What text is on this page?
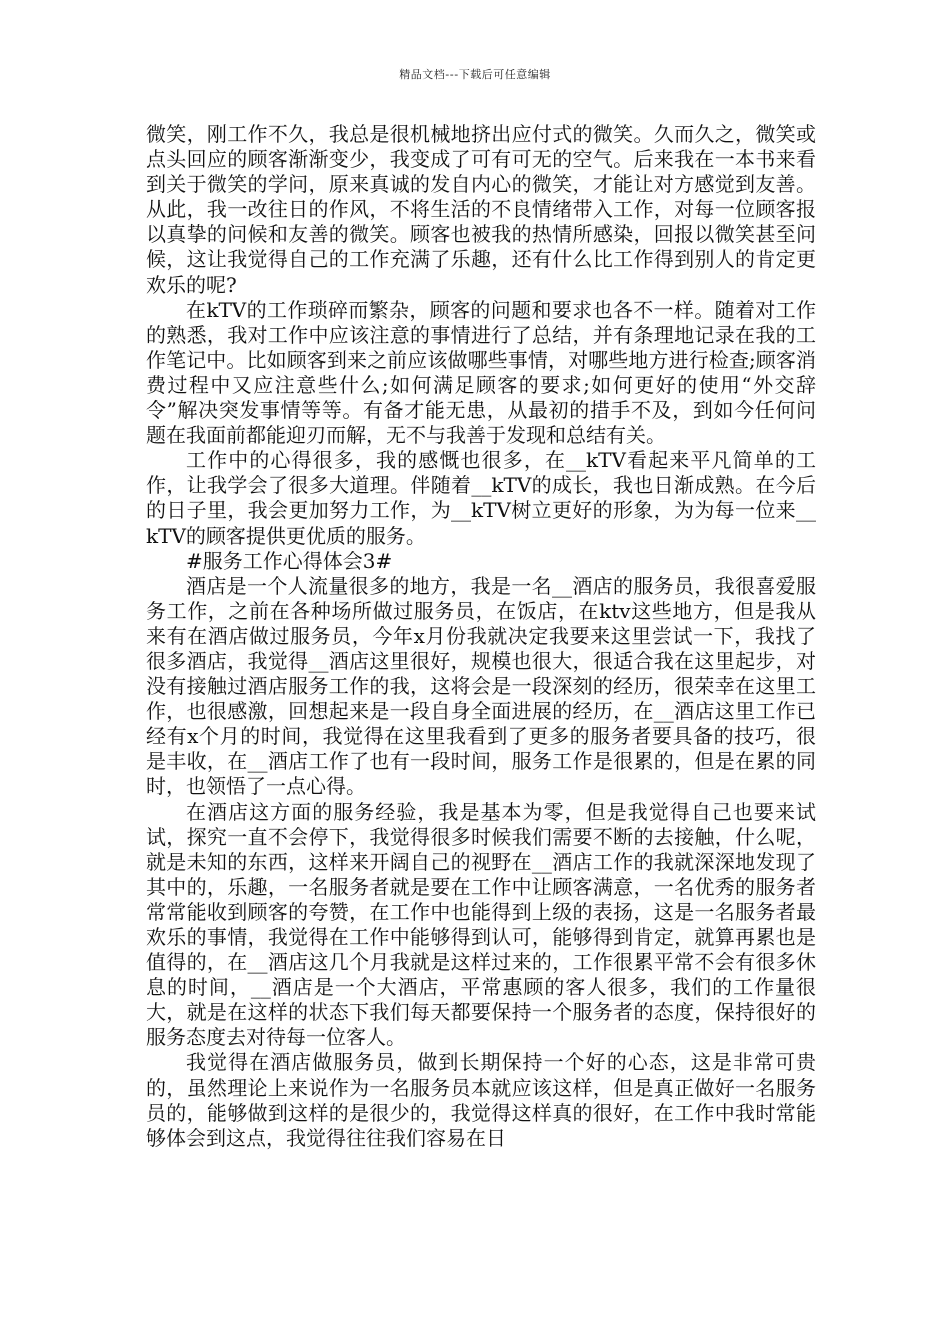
精品文档---下载后可任意编辑

微笑，刚工作不久，我总是很机械地挤出应付式的微笑。久而久之，微笑或点头回应的顾客渐渐变少，我变成了可有可无的空气。后来我在一本书来看到关于微笑的学问，原来真诚的发自内心的微笑，才能让对方感觉到友善。从此，我一改往日的作风，不将生活的不良情绪带入工作，对每一位顾客报以真挚的问候和友善的微笑。顾客也被我的热情所感染，回报以微笑甚至问候，这让我觉得自己的工作充满了乐趣，还有什么比工作得到别人的肯定更欢乐的呢?

在kTV的工作琐碎而繁杂，顾客的问题和要求也各不一样。随着对工作的熟悉，我对工作中应该注意的事情进行了总结，并有条理地记录在我的工作笔记中。比如顾客到来之前应该做哪些事情，对哪些地方进行检查;顾客消费过程中又应注意些什么;如何满足顾客的要求;如何更好的使用“外交辞令”解决突发事情等等。有备才能无患，从最初的措手不及，到如今任何问题在我面前都能迎刃而解，无不与我善于发现和总结有关。

工作中的心得很多，我的感慨也很多，在__kTV看起来平凡简单的工作，让我学会了很多大道理。伴随着__kTV的成长，我也日渐成熟。在今后的日子里，我会更加努力工作，为__kTV树立更好的形象，为为每一位来__kTV的顾客提供更优质的服务。

#服务工作心得体会3#

酒店是一个人流量很多的地方，我是一名__酒店的服务员，我很喜爱服务工作，之前在各种场所做过服务员，在饭店，在ktv这些地方，但是我从来有在酒店做过服务员，今年x月份我就决定我要来这里尝试一下，我找了很多酒店，我觉得__酒店这里很好，规模也很大，很适合我在这里起步，对没有接触过酒店服务工作的我，这将会是一段深刻的经历，很荣幸在这里工作，也很感激，回想起来是一段自身全面进展的经历，在__酒店这里工作已经有x个月的时间，我觉得在这里我看到了更多的服务者要具备的技巧，很是丰收，在__酒店工作了也有一段时间，服务工作是很累的，但是在累的同时，也领悟了一点心得。

在酒店这方面的服务经验，我是基本为零，但是我觉得自己也要来试试，探究一直不会停下，我觉得很多时候我们需要不断的去接触，什么呢，就是未知的东西，这样来开阔自己的视野在__酒店工作的我就深深地发现了其中的，乐趣，一名服务者就是要在工作中让顾客满意，一名优秀的服务者常常能收到顾客的夸赞，在工作中也能得到上级的表扬，这是一名服务者最欢乐的事情，我觉得在工作中能够得到认可，能够得到肯定，就算再累也是值得的，在__酒店这几个月我就是这样过来的，工作很累平常不会有很多休息的时间，__酒店是一个大酒店，平常惠顾的客人很多，我们的工作量很大，就是在这样的状态下我们每天都要保持一个服务者的态度，保持很好的服务态度去对待每一位客人。

我觉得在酒店做服务员，做到长期保持一个好的心态，这是非常可贵的，虽然理论上来说作为一名服务员本就应该这样，但是真正做好一名服务员的，能够做到这样的是很少的，我觉得这样真的很好，在工作中我时常能够体会到这点，我觉得往往我们容易在日
